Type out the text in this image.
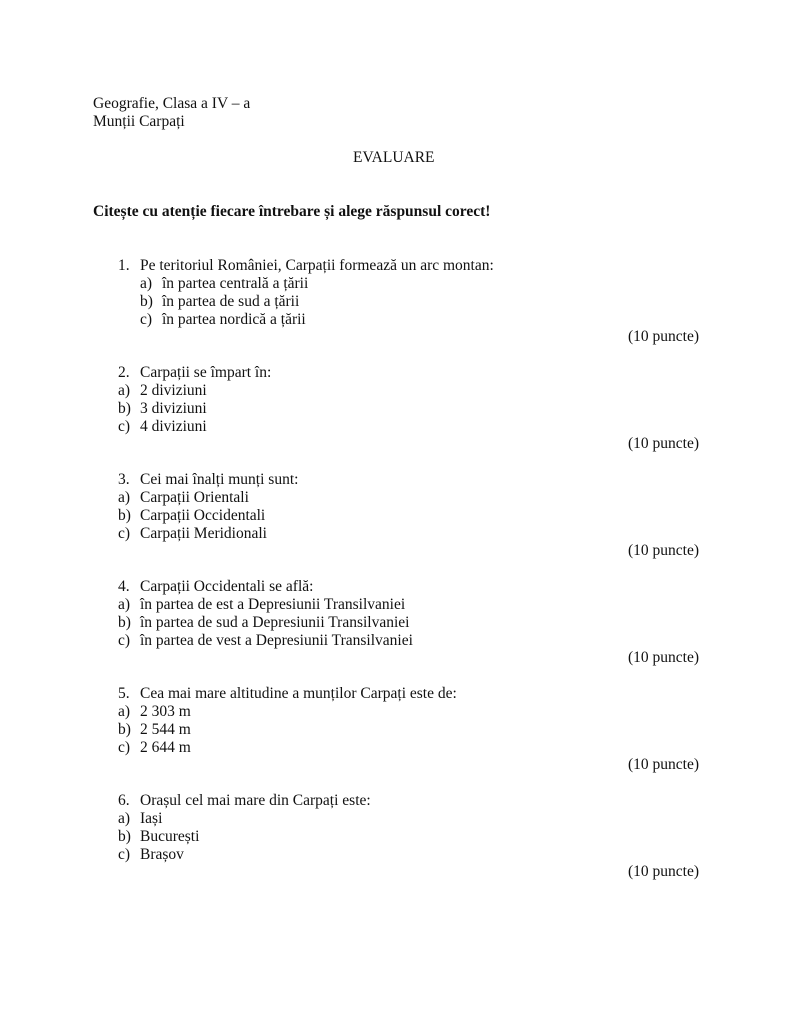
Geografie, Clasa a IV – a
Munții Carpați
EVALUARE
Citește cu atenție fiecare întrebare și alege răspunsul corect!
1. Pe teritoriul României, Carpații formează un arc montan:
a) în partea centrală a țării
b) în partea de sud a țării
c) în partea nordică a țării
(10 puncte)
2. Carpații se împart în:
a) 2 diviziuni
b) 3 diviziuni
c) 4 diviziuni
(10 puncte)
3. Cei mai înalți munți sunt:
a) Carpații Orientali
b) Carpații Occidentali
c) Carpații Meridionali
(10 puncte)
4. Carpații Occidentali se află:
a) în partea de est a Depresiunii Transilvaniei
b) în partea de sud a Depresiunii Transilvaniei
c) în partea de vest a Depresiunii Transilvaniei
(10 puncte)
5. Cea mai mare altitudine a munților Carpați este de:
a) 2 303 m
b) 2 544 m
c) 2 644 m
(10 puncte)
6. Orașul cel mai mare din Carpați este:
a) Iași
b) București
c) Brașov
(10 puncte)
